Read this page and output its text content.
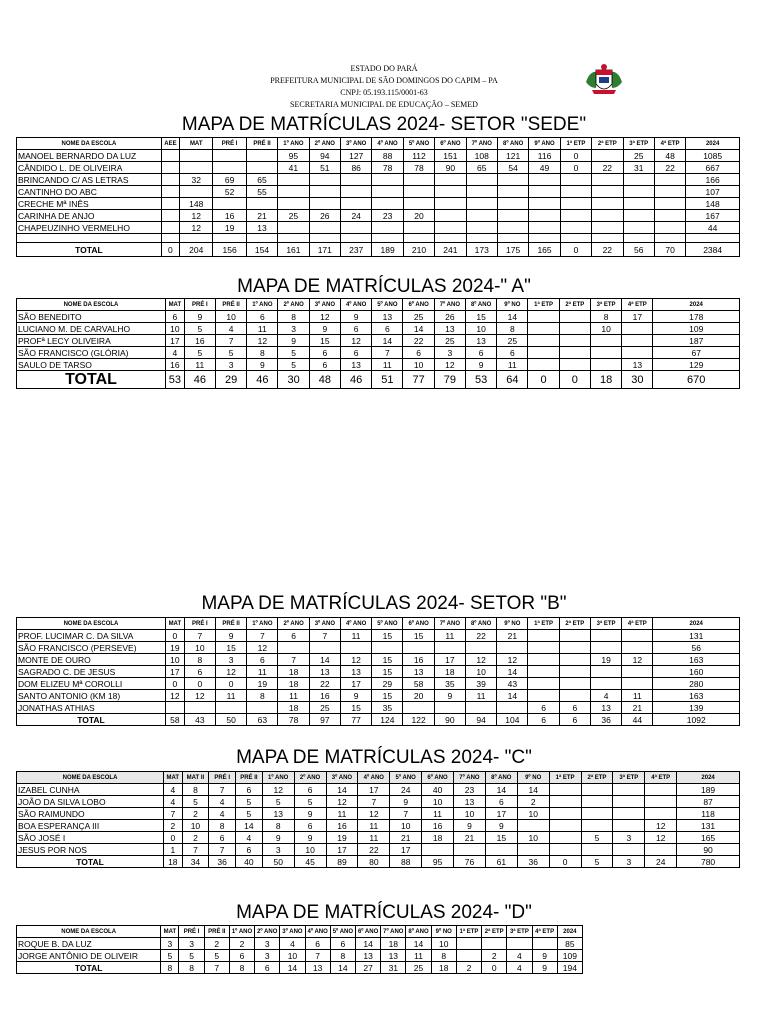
ESTADO DO PARÁ
PREFEITURA MUNICIPAL DE SÃO DOMINGOS DO CAPIM – PA
CNPJ: 05.193.115/0001-63
SECRETARIA MUNICIPAL DE EDUCAÇÃO – SEMED
MAPA DE MATRÍCULAS 2024- SETOR "SEDE"
NOME DA ESCOLA	AEE	MAT	PRÉ I	PRÉ II	1º ANO	2º ANO	3º ANO	4º ANO	5º ANO	6º ANO	7º ANO	8º ANO	9º ANO	1ª ETP	2ª ETP	3ª ETP	4ª ETP	2024
MANOEL BERNARDO DA LUZ					95	94	127	88	112	151	108	121	116	0		25	48	1085
CÂNDIDO L. DE OLIVEIRA					41	51	86	78	78	90	65	54	49	0	22	31	22	667
BRINCANDO C/ AS LETRAS		32	69	65														166
CANTINHO DO ABC			52	55														107
CRECHE Mª INÊS		148																148
CARINHA DE ANJO		12	16	21	25	26	24	23	20									167
CHAPEUZINHO VERMELHO		12	19	13														44

TOTAL	0	204	156	154	161	171	237	189	210	241	173	175	165	0	22	56	70	2384
MAPA DE MATRÍCULAS 2024-" A"
NOME DA ESCOLA	MAT	PRÉ I	PRÉ II	1º ANO	2º ANO	3º ANO	4º ANO	5º ANO	6º ANO	7º ANO	8º ANO	9º NO	1ª ETP	2ª ETP	3ª ETP	4ª ETP	2024
SÃO BENEDITO	6	9	10	6	8	12	9	13	25	26	15	14			8	17	178
LUCIANO M. DE CARVALHO	10	5	4	11	3	9	6	6	14	13	10	8			10		109
PROFª LECY OLIVEIRA	17	16	7	12	9	15	12	14	22	25	13	25					187
SÃO FRANCISCO (GLÓRIA)	4	5	5	8	5	6	6	7	6	3	6	6					67
SAULO DE TARSO	16	11	3	9	5	6	13	11	10	12	9	11				13	129
TOTAL	53	46	29	46	30	48	46	51	77	79	53	64	0	0	18	30	670
MAPA DE MATRÍCULAS 2024- SETOR "B"
NOME DA ESCOLA	MAT	PRÉ I	PRÉ II	1º ANO	2º ANO	3º ANO	4º ANO	5º ANO	6º ANO	7º ANO	8º ANO	9º NO	1ª ETP	2ª ETP	3ª ETP	4ª ETP	2024
PROF. LUCIMAR C. DA SILVA	0	7	9	7	6	7	11	15	15	11	22	21					131
SÃO FRANCISCO (PERSEVE)	19	10	15	12													56
MONTE DE OURO	10	8	3	6	7	14	12	15	16	17	12	12			19	12	163
SAGRADO C. DE JESUS	17	6	12	11	18	13	13	15	13	18	10	14					160
DOM ELIZEU Mª COROLLI	0	0	0	19	18	22	17	29	58	35	39	43					280
SANTO ANTONIO (KM 18)	12	12	11	8	11	16	9	15	20	9	11	14			4	11	163
JONATHAS ATHIAS					18	25	15	35					6	6	13	21	139
TOTAL	58	43	50	63	78	97	77	124	122	90	94	104	6	6	36	44	1092
MAPA DE MATRÍCULAS 2024- "C"
NOME DA ESCOLA	MAT	MAT II	PRÉ I	PRÉ II	1º ANO	2º ANO	3º ANO	4º ANO	5º ANO	6º ANO	7º ANO	8º ANO	9º NO	1ª ETP	2ª ETP	3ª ETP	4ª ETP	2024
IZABEL CUNHA	4	8	7	6	12	6	14	17	24	40	23	14	14					189
JOÃO DA SILVA LOBO	4	5	4	5	5	5	12	7	9	10	13	6	2					87
SÃO RAIMUNDO	7	2	4	5	13	9	11	12	7	11	10	17	10					118
BOA ESPERANÇA III	2	10	8	14	8	6	16	11	10	16	9	9					12	131
SÃO JOSÉ I	0	2	6	4	9	9	19	11	21	18	21	15	10		5	3	12	165
JESUS POR NOS	1	7	7	6	3	10	17	22	17									90
TOTAL	18	34	36	40	50	45	89	80	88	95	76	61	36	0	5	3	24	780
MAPA DE MATRÍCULAS 2024- "D"
NOME DA ESCOLA	MAT	PRÉ I	PRÉ II	1º ANO	2º ANO	3º ANO	4º ANO	5º ANO	6º ANO	7º ANO	8º ANO	9º NO	1ª ETP	2ª ETP	3ª ETP	4ª ETP	2024
ROQUE B. DA LUZ	3	3	2	2	3	4	6	6	14	18	14	10					85
JORGE ANTÔNIO DE OLIVEIR	5	5	5	6	3	10	7	8	13	13	11	8		2	4	9	109
TOTAL	8	8	7	8	6	14	13	14	27	31	25	18	2	0	4	9	194
